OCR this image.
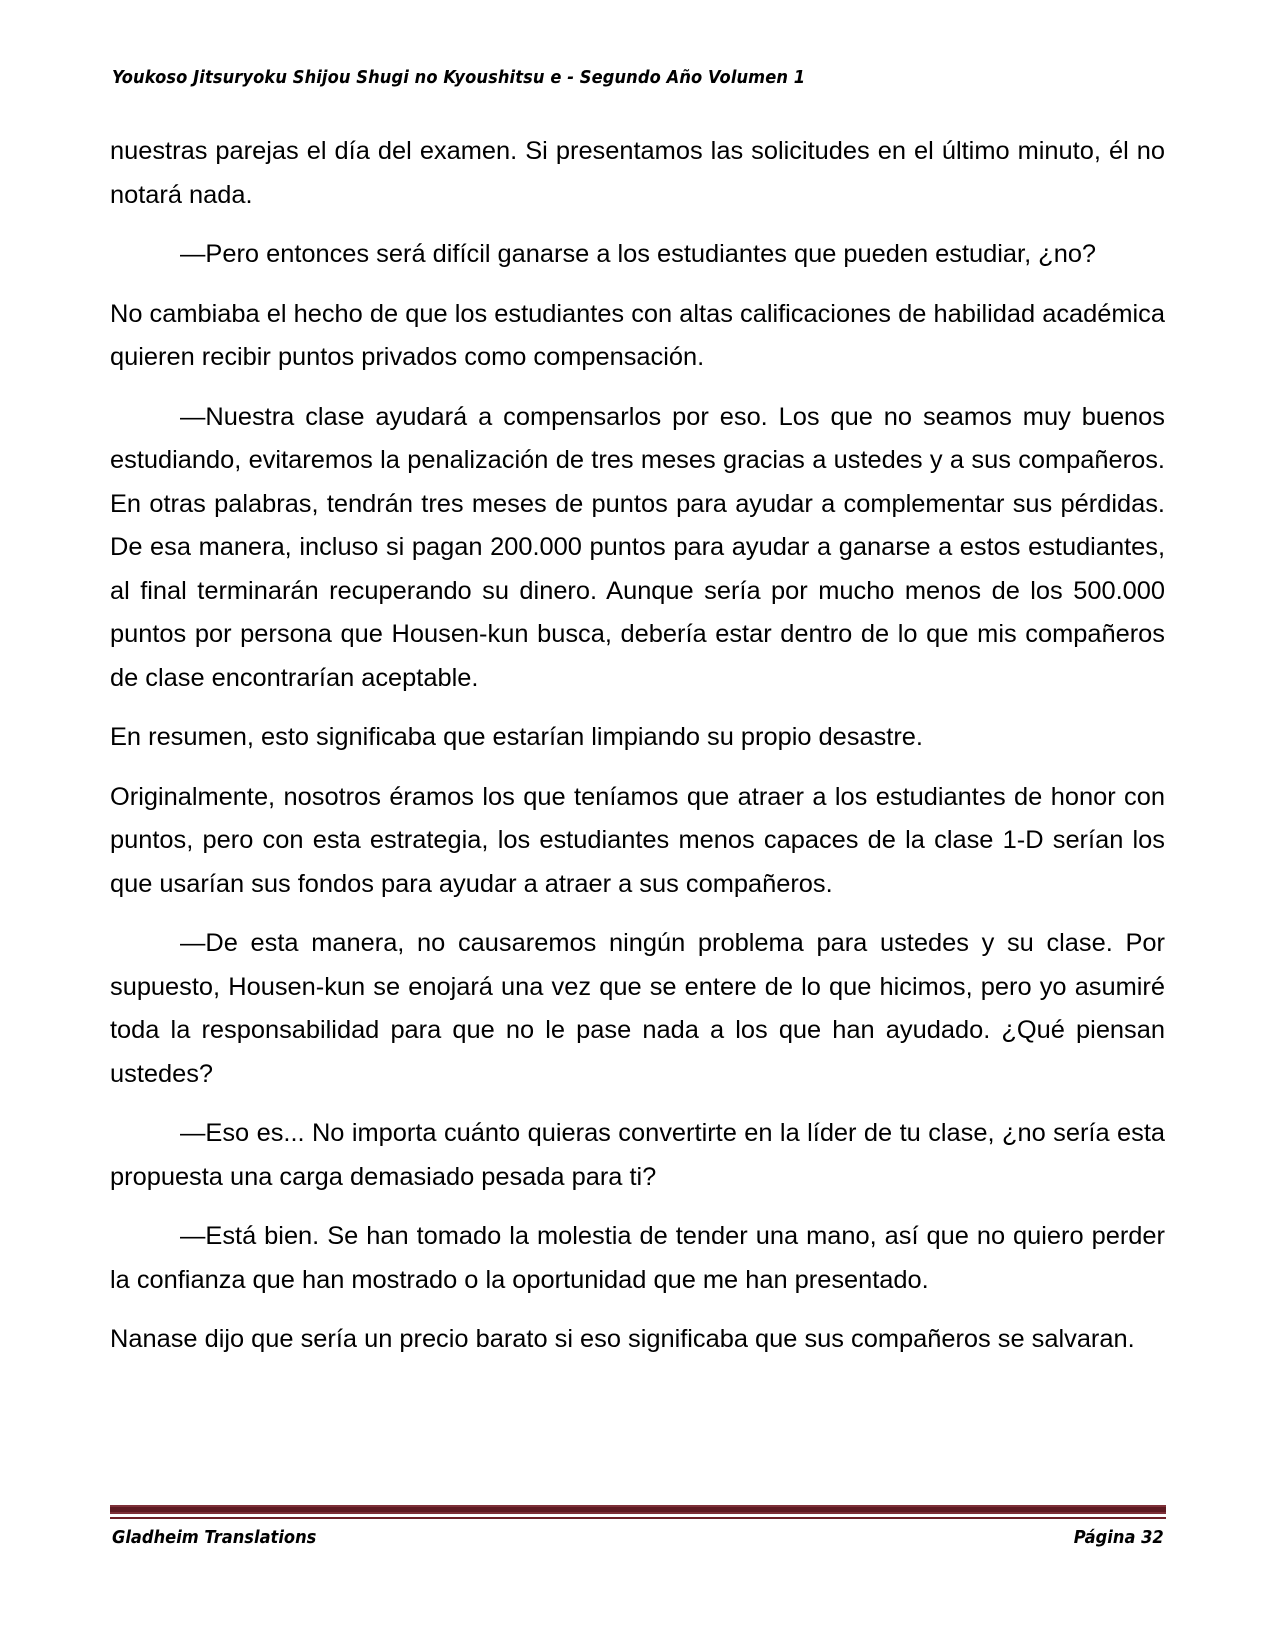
Youkoso Jitsuryoku Shijou Shugi no Kyoushitsu e - Segundo Año Volumen 1

nuestras parejas el día del examen. Si presentamos las solicitudes en el último minuto, él no notará nada.

—Pero entonces será difícil ganarse a los estudiantes que pueden estudiar, ¿no?

No cambiaba el hecho de que los estudiantes con altas calificaciones de habilidad académica quieren recibir puntos privados como compensación.

—Nuestra clase ayudará a compensarlos por eso. Los que no seamos muy buenos estudiando, evitaremos la penalización de tres meses gracias a ustedes y a sus compañeros. En otras palabras, tendrán tres meses de puntos para ayudar a complementar sus pérdidas. De esa manera, incluso si pagan 200.000 puntos para ayudar a ganarse a estos estudiantes, al final terminarán recuperando su dinero. Aunque sería por mucho menos de los 500.000 puntos por persona que Housen-kun busca, debería estar dentro de lo que mis compañeros de clase encontrarían aceptable.

En resumen, esto significaba que estarían limpiando su propio desastre.

Originalmente, nosotros éramos los que teníamos que atraer a los estudiantes de honor con puntos, pero con esta estrategia, los estudiantes menos capaces de la clase 1-D serían los que usarían sus fondos para ayudar a atraer a sus compañeros.

—De esta manera, no causaremos ningún problema para ustedes y su clase. Por supuesto, Housen-kun se enojará una vez que se entere de lo que hicimos, pero yo asumiré toda la responsabilidad para que no le pase nada a los que han ayudado. ¿Qué piensan ustedes?

—Eso es... No importa cuánto quieras convertirte en la líder de tu clase, ¿no sería esta propuesta una carga demasiado pesada para ti?

—Está bien. Se han tomado la molestia de tender una mano, así que no quiero perder la confianza que han mostrado o la oportunidad que me han presentado.

Nanase dijo que sería un precio barato si eso significaba que sus compañeros se salvaran.

Gladheim Translations	Página 32
